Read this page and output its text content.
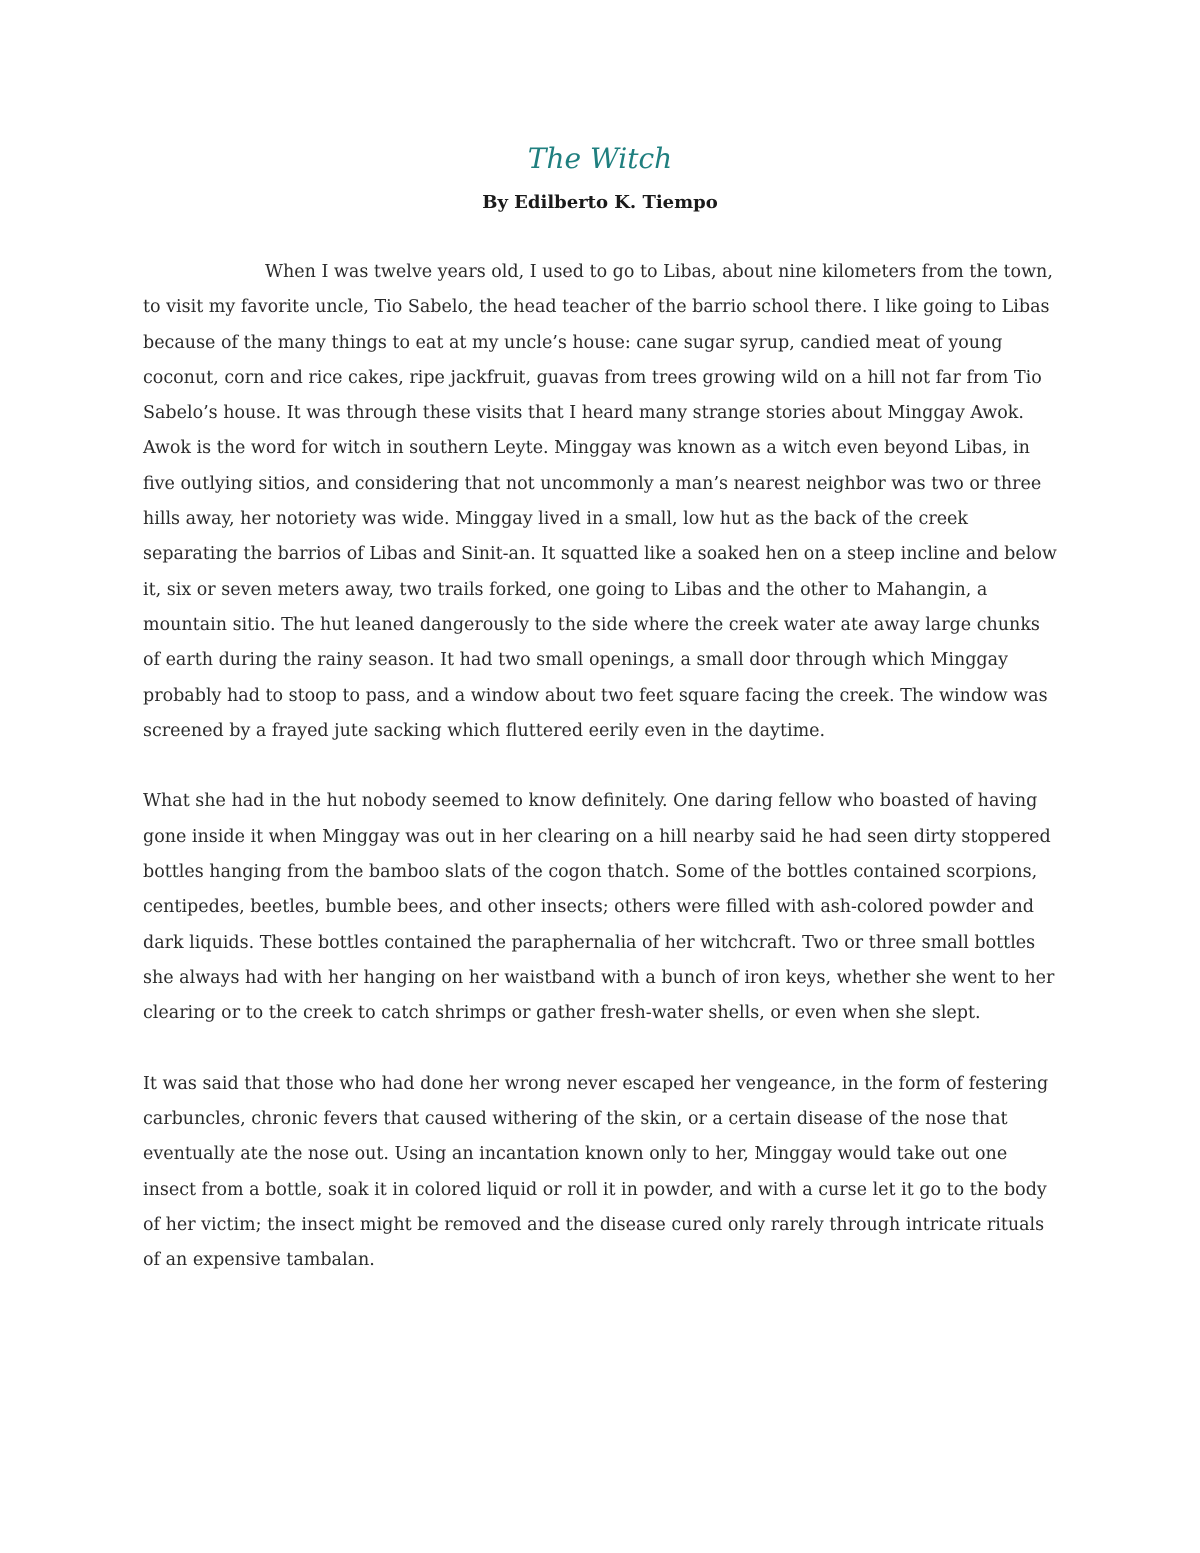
The Witch

By Edilberto K. Tiempo

When I was twelve years old, I used to go to Libas, about nine kilometers from the town, to visit my favorite uncle, Tio Sabelo, the head teacher of the barrio school there. I like going to Libas because of the many things to eat at my uncle’s house: cane sugar syrup, candied meat of young coconut, corn and rice cakes, ripe jackfruit, guavas from trees growing wild on a hill not far from Tio Sabelo’s house. It was through these visits that I heard many strange stories about Minggay Awok. Awok is the word for witch in southern Leyte. Minggay was known as a witch even beyond Libas, in five outlying sitios, and considering that not uncommonly a man’s nearest neighbor was two or three hills away, her notoriety was wide. Minggay lived in a small, low hut as the back of the creek separating the barrios of Libas and Sinit-an. It squatted like a soaked hen on a steep incline and below it, six or seven meters away, two trails forked, one going to Libas and the other to Mahangin, a mountain sitio. The hut leaned dangerously to the side where the creek water ate away large chunks of earth during the rainy season. It had two small openings, a small door through which Minggay probably had to stoop to pass, and a window about two feet square facing the creek. The window was screened by a frayed jute sacking which fluttered eerily even in the daytime.

What she had in the hut nobody seemed to know definitely. One daring fellow who boasted of having gone inside it when Minggay was out in her clearing on a hill nearby said he had seen dirty stoppered bottles hanging from the bamboo slats of the cogon thatch. Some of the bottles contained scorpions, centipedes, beetles, bumble bees, and other insects; others were filled with ash-colored powder and dark liquids. These bottles contained the paraphernalia of her witchcraft. Two or three small bottles she always had with her hanging on her waistband with a bunch of iron keys, whether she went to her clearing or to the creek to catch shrimps or gather fresh-water shells, or even when she slept.

It was said that those who had done her wrong never escaped her vengeance, in the form of festering carbuncles, chronic fevers that caused withering of the skin, or a certain disease of the nose that eventually ate the nose out. Using an incantation known only to her, Minggay would take out one insect from a bottle, soak it in colored liquid or roll it in powder, and with a curse let it go to the body of her victim; the insect might be removed and the disease cured only rarely through intricate rituals of an expensive tambalan.
